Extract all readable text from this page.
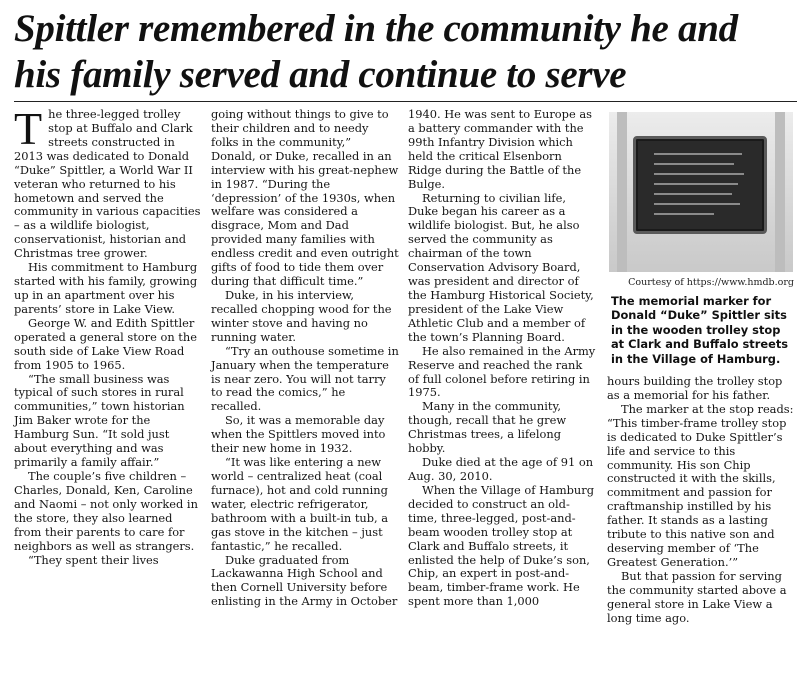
Spittler remembered in the community he and his family served and continue to serve

The three-legged trolley stop at Buffalo and Clark streets constructed in 2013 was dedicated to Donald “Duke” Spittler, a World War II veteran who returned to his hometown and served the community in various capacities – as a wildlife biologist, conservationist, historian and Christmas tree grower.

His commitment to Hamburg started with his family, growing up in an apartment over his parents’ store in Lake View.

George W. and Edith Spittler operated a general store on the south side of Lake View Road from 1905 to 1965.

“The small business was typical of such stores in rural communities,” town historian Jim Baker wrote for the Hamburg Sun. “It sold just about everything and was primarily a family affair.”

The couple’s five children – Charles, Donald, Ken, Caroline and Naomi – not only worked in the store, they also learned from their parents to care for neighbors as well as strangers.

“They spent their lives

going without things to give to their children and to needy folks in the community,” Donald, or Duke, recalled in an interview with his great-nephew in 1987. “During the ‘depression’ of the 1930s, when welfare was considered a disgrace, Mom and Dad provided many families with endless credit and even outright gifts of food to tide them over during that difficult time.”

Duke, in his interview, recalled chopping wood for the winter stove and having no running water.

“Try an outhouse sometime in January when the temperature is near zero. You will not tarry to read the comics,” he recalled.

So, it was a memorable day when the Spittlers moved into their new home in 1932.

“It was like entering a new world – centralized heat (coal furnace), hot and cold running water, electric refrigerator, bathroom with a built-in tub, a gas stove in the kitchen – just fantastic,” he recalled.

Duke graduated from Lackawanna High School and then Cornell University before enlisting in the Army in October

1940. He was sent to Europe as a battery commander with the 99th Infantry Division which held the critical Elsenborn Ridge during the Battle of the Bulge.

Returning to civilian life, Duke began his career as a wildlife biologist. But, he also served the community as chairman of the town Conservation Advisory Board, was president and director of the Hamburg Historical Society, president of the Lake View Athletic Club and a member of the town’s Planning Board.

He also remained in the Army Reserve and reached the rank of full colonel before retiring in 1975.

Many in the community, though, recall that he grew Christmas trees, a lifelong hobby.

Duke died at the age of 91 on Aug. 30, 2010.

When the Village of Hamburg decided to construct an old-time, three-legged, post-and-beam wooden trolley stop at Clark and Buffalo streets, it enlisted the help of Duke’s son, Chip, an expert in post-and-beam, timber-frame work. He spent more than 1,000

Courtesy of https://www.hmdb.org
The memorial marker for Donald “Duke” Spittler sits in the wooden trolley stop at Clark and Buffalo streets in the Village of Hamburg.

hours building the trolley stop as a memorial for his father.

The marker at the stop reads: “This timber-frame trolley stop is dedicated to Duke Spittler’s life and service to this community. His son Chip constructed it with the skills, commitment and passion for craftmanship instilled by his father. It stands as a lasting tribute to this native son and deserving member of ‘The Greatest Generation.’”

But that passion for serving the community started above a general store in Lake View a long time ago.
